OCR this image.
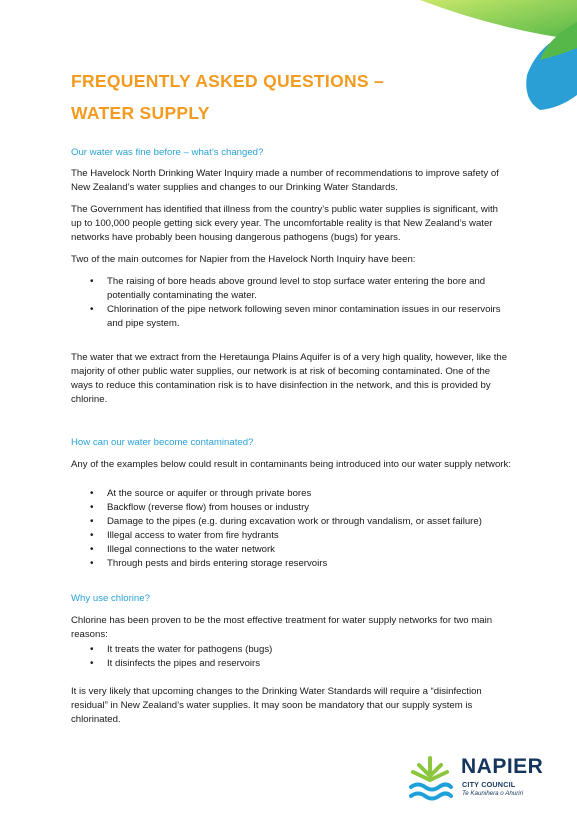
FREQUENTLY ASKED QUESTIONS –
WATER SUPPLY

Our water was fine before – what’s changed?

The Havelock North Drinking Water Inquiry made a number of recommendations to improve safety of New Zealand’s water supplies and changes to our Drinking Water Standards.

The Government has identified that illness from the country’s public water supplies is significant, with up to 100,000 people getting sick every year. The uncomfortable reality is that New Zealand’s water networks have probably been housing dangerous pathogens (bugs) for years.

Two of the main outcomes for Napier from the Havelock North Inquiry have been:

• The raising of bore heads above ground level to stop surface water entering the bore and potentially contaminating the water.
• Chlorination of the pipe network following seven minor contamination issues in our reservoirs and pipe system.

The water that we extract from the Heretaunga Plains Aquifer is of a very high quality, however, like the majority of other public water supplies, our network is at risk of becoming contaminated. One of the ways to reduce this contamination risk is to have disinfection in the network, and this is provided by chlorine.

How can our water become contaminated?

Any of the examples below could result in contaminants being introduced into our water supply network:

• At the source or aquifer or through private bores
• Backflow (reverse flow) from houses or industry
• Damage to the pipes (e.g. during excavation work or through vandalism, or asset failure)
• Illegal access to water from fire hydrants
• Illegal connections to the water network
• Through pests and birds entering storage reservoirs

Why use chlorine?

Chlorine has been proven to be the most effective treatment for water supply networks for two main reasons:

• It treats the water for pathogens (bugs)
• It disinfects the pipes and reservoirs

It is very likely that upcoming changes to the Drinking Water Standards will require a “disinfection residual” in New Zealand’s water supplies. It may soon be mandatory that our supply system is chlorinated.

NAPIER
CITY COUNCIL
Te Kaunihera o Ahuriri
